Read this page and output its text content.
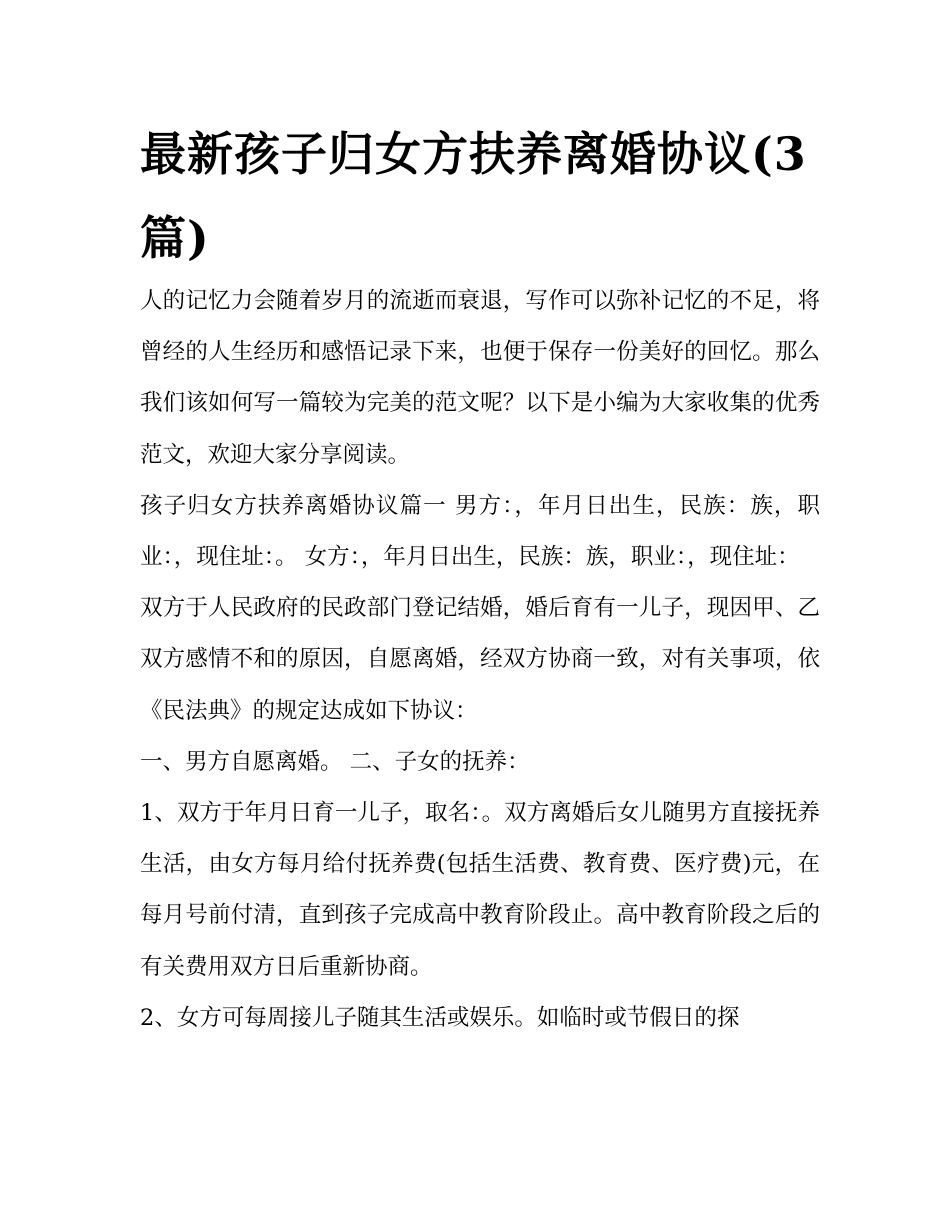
最新孩子归女方扶养离婚协议(3篇)

人的记忆力会随着岁月的流逝而衰退，写作可以弥补记忆的不足，将曾经的人生经历和感悟记录下来，也便于保存一份美好的回忆。那么我们该如何写一篇较为完美的范文呢？以下是小编为大家收集的优秀范文，欢迎大家分享阅读。

孩子归女方扶养离婚协议篇一 男方：，年月日出生，民族：族，职业：，现住址：。 女方：，年月日出生，民族：族，职业：，现住址：

双方于人民政府的民政部门登记结婚，婚后育有一儿子，现因甲、乙双方感情不和的原因，自愿离婚，经双方协商一致，对有关事项，依《民法典》的规定达成如下协议：

一、男方自愿离婚。 二、子女的抚养：

1、双方于年月日育一儿子，取名：。双方离婚后女儿随男方直接抚养生活，由女方每月给付抚养费(包括生活费、教育费、医疗费)元，在每月号前付清，直到孩子完成高中教育阶段止。高中教育阶段之后的有关费用双方日后重新协商。

2、女方可每周接儿子随其生活或娱乐。如临时或节假日的探
